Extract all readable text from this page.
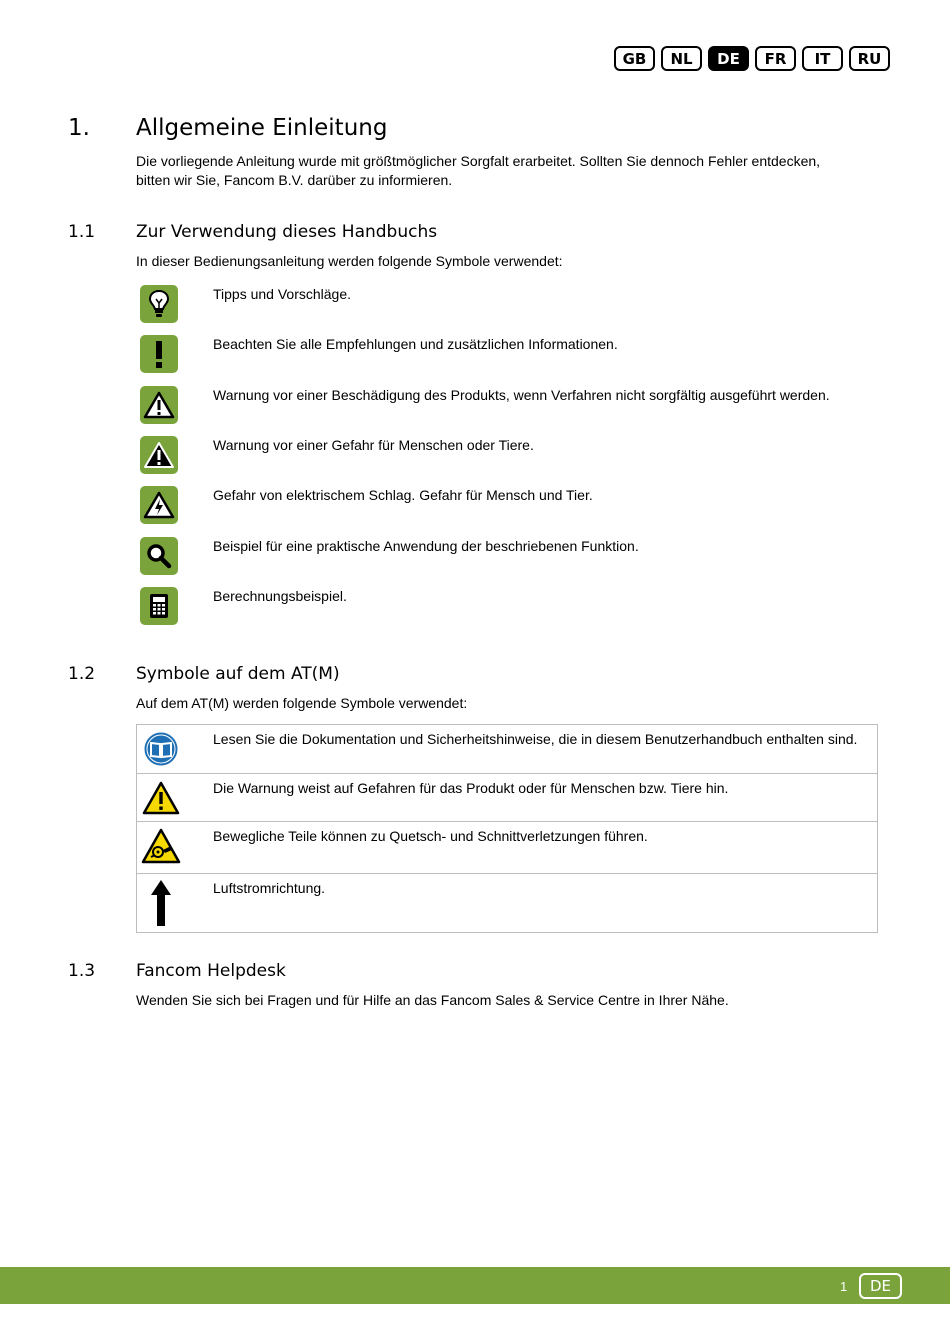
GB	NL	DE	FR	IT	RU
1. Allgemeine Einleitung
Die vorliegende Anleitung wurde mit größtmöglicher Sorgfalt erarbeitet. Sollten Sie dennoch Fehler entdecken, bitten wir Sie, Fancom B.V. darüber zu informieren.
1.1 Zur Verwendung dieses Handbuchs
In dieser Bedienungsanleitung werden folgende Symbole verwendet:
Tipps und Vorschläge.
Beachten Sie alle Empfehlungen und zusätzlichen Informationen.
Warnung vor einer Beschädigung des Produkts, wenn Verfahren nicht sorgfältig ausgeführt werden.
Warnung vor einer Gefahr für Menschen oder Tiere.
Gefahr von elektrischem Schlag. Gefahr für Mensch und Tier.
Beispiel für eine praktische Anwendung der beschriebenen Funktion.
Berechnungsbeispiel.
1.2 Symbole auf dem AT(M)
Auf dem AT(M) werden folgende Symbole verwendet:
Lesen Sie die Dokumentation und Sicherheitshinweise, die in diesem Benutzerhandbuch enthalten sind.
Die Warnung weist auf Gefahren für das Produkt oder für Menschen bzw. Tiere hin.
Bewegliche Teile können zu Quetsch- und Schnittverletzungen führen.
Luftstromrichtung.
1.3 Fancom Helpdesk
Wenden Sie sich bei Fragen und für Hilfe an das Fancom Sales & Service Centre in Ihrer Nähe.
1	DE
